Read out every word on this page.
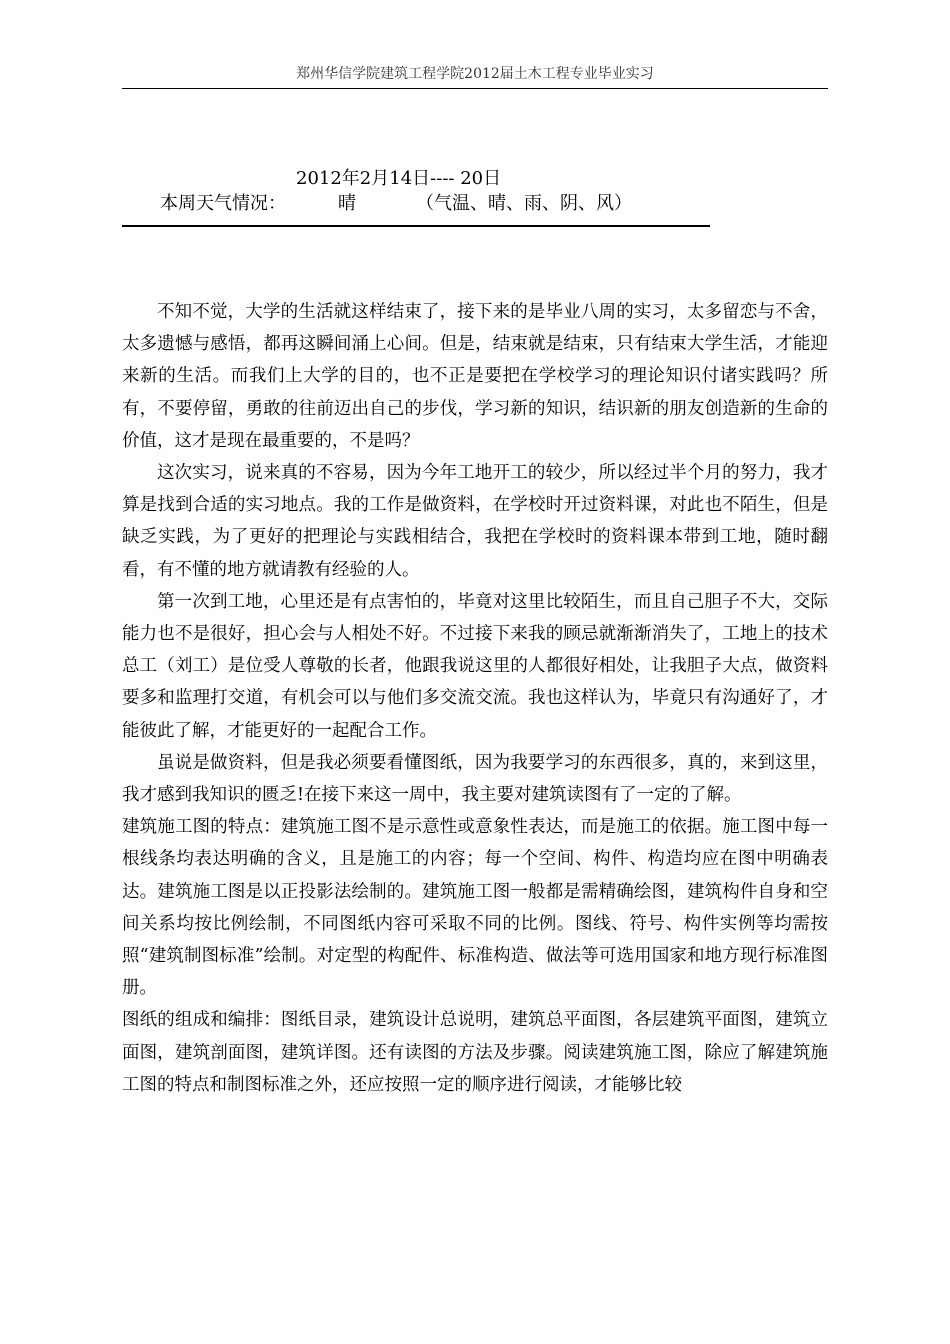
郑州华信学院建筑工程学院2012届土木工程专业毕业实习
2012年2月14日---- 20日
本周天气情况：	晴	（气温、晴、雨、阴、风）

不知不觉，大学的生活就这样结束了，接下来的是毕业八周的实习，太多留恋与不舍，太多遗憾与感悟，都再这瞬间涌上心间。但是，结束就是结束，只有结束大学生活，才能迎来新的生活。而我们上大学的目的，也不正是要把在学校学习的理论知识付诸实践吗？所有，不要停留，勇敢的往前迈出自己的步伐，学习新的知识，结识新的朋友创造新的生命的价值，这才是现在最重要的，不是吗？

这次实习，说来真的不容易，因为今年工地开工的较少，所以经过半个月的努力，我才算是找到合适的实习地点。我的工作是做资料，在学校时开过资料课，对此也不陌生，但是缺乏实践，为了更好的把理论与实践相结合，我把在学校时的资料课本带到工地，随时翻看，有不懂的地方就请教有经验的人。

第一次到工地，心里还是有点害怕的，毕竟对这里比较陌生，而且自己胆子不大，交际能力也不是很好，担心会与人相处不好。不过接下来我的顾忌就渐渐消失了，工地上的技术总工（刘工）是位受人尊敬的长者，他跟我说这里的人都很好相处，让我胆子大点，做资料要多和监理打交道，有机会可以与他们多交流交流。我也这样认为，毕竟只有沟通好了，才能彼此了解，才能更好的一起配合工作。

虽说是做资料，但是我必须要看懂图纸，因为我要学习的东西很多，真的，来到这里，我才感到我知识的匮乏!在接下来这一周中，我主要对建筑读图有了一定的了解。

建筑施工图的特点：建筑施工图不是示意性或意象性表达，而是施工的依据。施工图中每一根线条均表达明确的含义，且是施工的内容；每一个空间、构件、构造均应在图中明确表达。建筑施工图是以正投影法绘制的。建筑施工图一般都是需精确绘图，建筑构件自身和空间关系均按比例绘制，不同图纸内容可采取不同的比例。图线、符号、构件实例等均需按照“建筑制图标准”绘制。对定型的构配件、标准构造、做法等可选用国家和地方现行标准图册。

图纸的组成和编排：图纸目录，建筑设计总说明，建筑总平面图，各层建筑平面图，建筑立面图，建筑剖面图，建筑详图。还有读图的方法及步骤。阅读建筑施工图，除应了解建筑施工图的特点和制图标准之外，还应按照一定的顺序进行阅读，才能够比较
